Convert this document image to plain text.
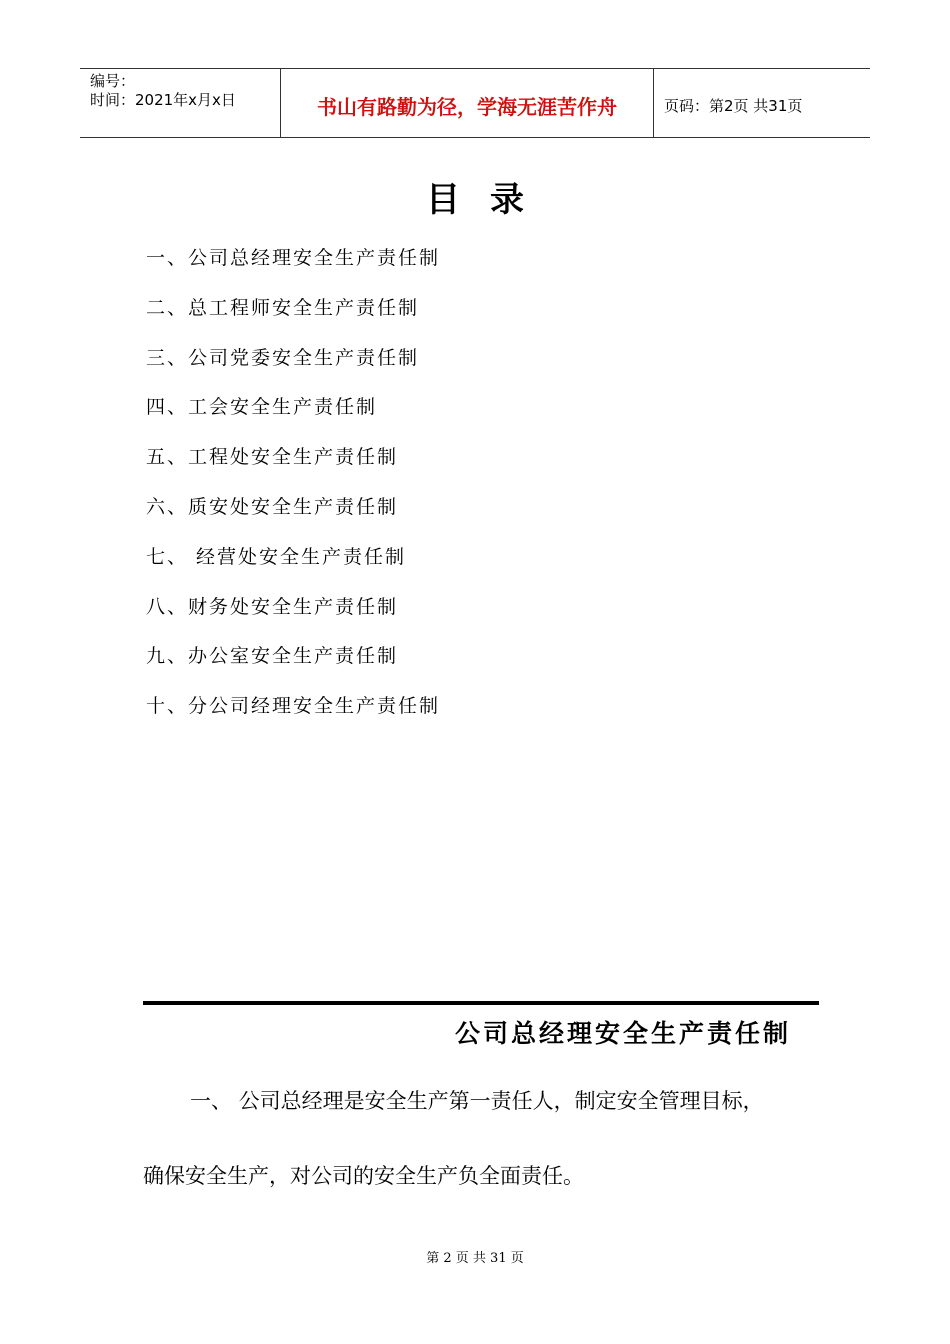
编号：
时间：2021年x月x日	书山有路勤为径，学海无涯苦作舟	页码：第2页 共31页
目录
一、公司总经理安全生产责任制
二、总工程师安全生产责任制
三、公司党委安全生产责任制
四、工会安全生产责任制
五、工程处安全生产责任制
六、质安处安全生产责任制
七、 经营处安全生产责任制
八、财务处安全生产责任制
九、办公室安全生产责任制
十、分公司经理安全生产责任制
公司总经理安全生产责任制
一、 公司总经理是安全生产第一责任人，制定安全管理目标，
确保安全生产，对公司的安全生产负全面责任。
第 2 页 共 31 页
